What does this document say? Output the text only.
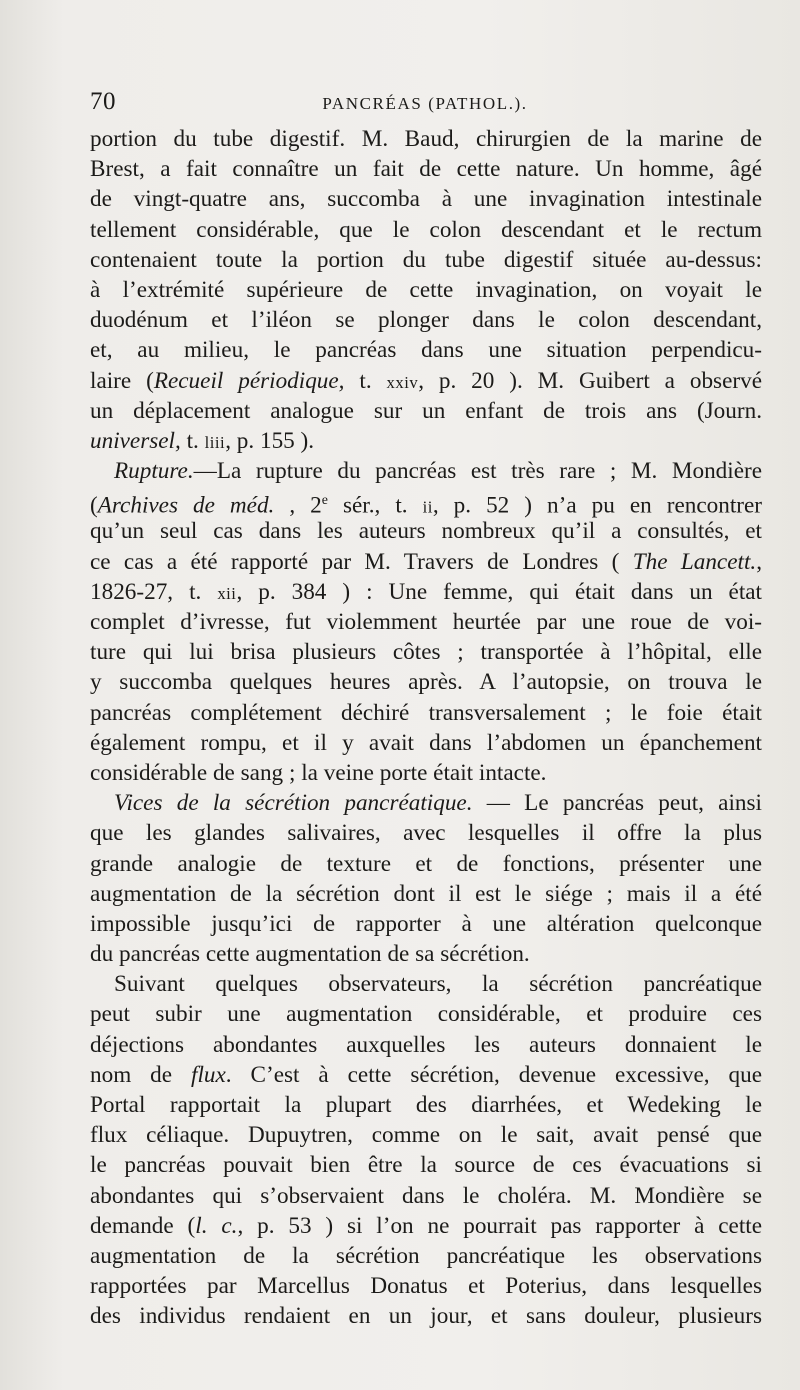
70	PANCRÉAS (PATHOL.).
portion du tube digestif. M. Baud, chirurgien de la marine de
Brest, a fait connaître un fait de cette nature. Un homme, âgé
de vingt-quatre ans, succomba à une invagination intestinale
tellement considérable, que le colon descendant et le rectum
contenaient toute la portion du tube digestif située au-dessus:
à l’extrémité supérieure de cette invagination, on voyait le
duodénum et l’iléon se plonger dans le colon descendant,
et, au milieu, le pancréas dans une situation perpendicu-
laire (Recueil périodique, t. xxiv, p. 20 ). M. Guibert a observé
un déplacement analogue sur un enfant de trois ans (Journ.
universel, t. liii, p. 155 ).
Rupture.—La rupture du pancréas est très rare ; M. Mondière
(Archives de méd. , 2e sér., t. ii, p. 52 ) n’a pu en rencontrer
qu’un seul cas dans les auteurs nombreux qu’il a consultés, et
ce cas a été rapporté par M. Travers de Londres ( The Lancett.,
1826-27, t. xii, p. 384 ) : Une femme, qui était dans un état
complet d’ivresse, fut violemment heurtée par une roue de voi-
ture qui lui brisa plusieurs côtes ; transportée à l’hôpital, elle
y succomba quelques heures après. A l’autopsie, on trouva le
pancréas complétement déchiré transversalement ; le foie était
également rompu, et il y avait dans l’abdomen un épanchement
considérable de sang ; la veine porte était intacte.
Vices de la sécrétion pancréatique. — Le pancréas peut, ainsi
que les glandes salivaires, avec lesquelles il offre la plus
grande analogie de texture et de fonctions, présenter une
augmentation de la sécrétion dont il est le siége ; mais il a été
impossible jusqu’ici de rapporter à une altération quelconque
du pancréas cette augmentation de sa sécrétion.
Suivant quelques observateurs, la sécrétion pancréatique
peut subir une augmentation considérable, et produire ces
déjections abondantes auxquelles les auteurs donnaient le
nom de flux. C’est à cette sécrétion, devenue excessive, que
Portal rapportait la plupart des diarrhées, et Wedeking le
flux céliaque. Dupuytren, comme on le sait, avait pensé que
le pancréas pouvait bien être la source de ces évacuations si
abondantes qui s’observaient dans le choléra. M. Mondière se
demande (l. c., p. 53 ) si l’on ne pourrait pas rapporter à cette
augmentation de la sécrétion pancréatique les observations
rapportées par Marcellus Donatus et Poterius, dans lesquelles
des individus rendaient en un jour, et sans douleur, plusieurs
